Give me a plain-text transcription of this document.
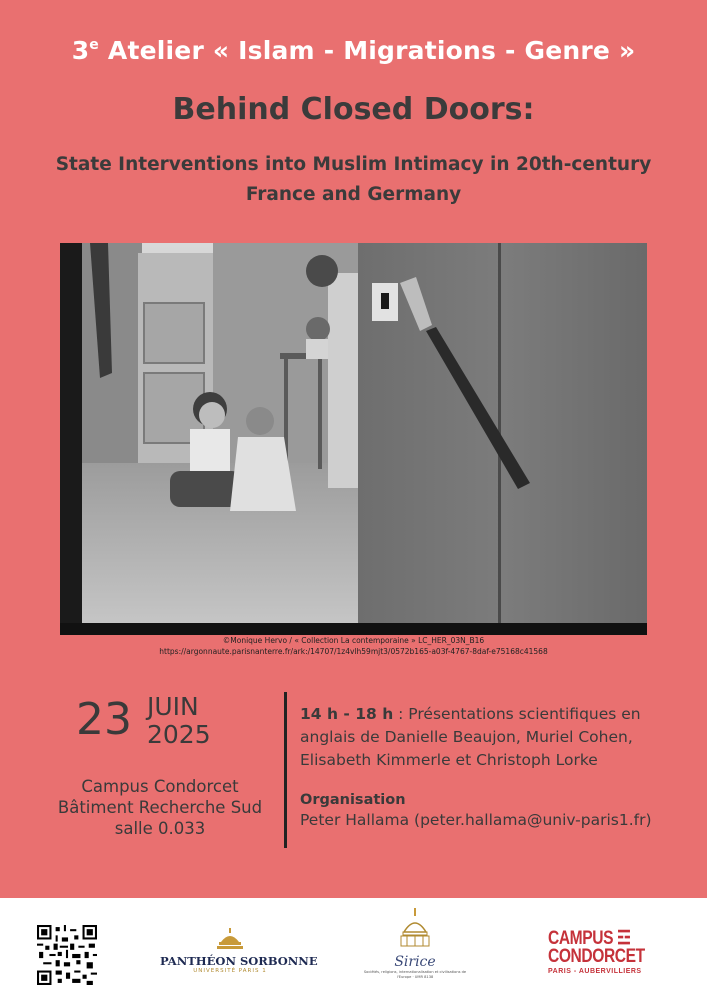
3e Atelier « Islam - Migrations - Genre »
Behind Closed Doors:
State Interventions into Muslim Intimacy in 20th-century
France and Germany
©Monique Hervo / « Collection La contemporaine » LC_HER_03N_B16
https://argonnaute.parisnanterre.fr/ark:/14707/1z4vlh59mjt3/0572b165-a03f-4767-8daf-e75168c41568
23 JUIN
2025
Campus Condorcet
Bâtiment Recherche Sud
salle 0.033
14 h - 18 h : Présentations scientifiques en anglais de Danielle Beaujon, Muriel Cohen, Elisabeth Kimmerle et Christoph Lorke
Organisation
Peter Hallama (peter.hallama@univ-paris1.fr)
PANTHÉON SORBONNE
UNIVERSITÉ PARIS 1
Sirice
Sociétés, religions, internationalisation et civilisations de l'Europe · UMR 8138
CAMPUS ☲
CONDORCET
PARIS - AUBERVILLIERS
